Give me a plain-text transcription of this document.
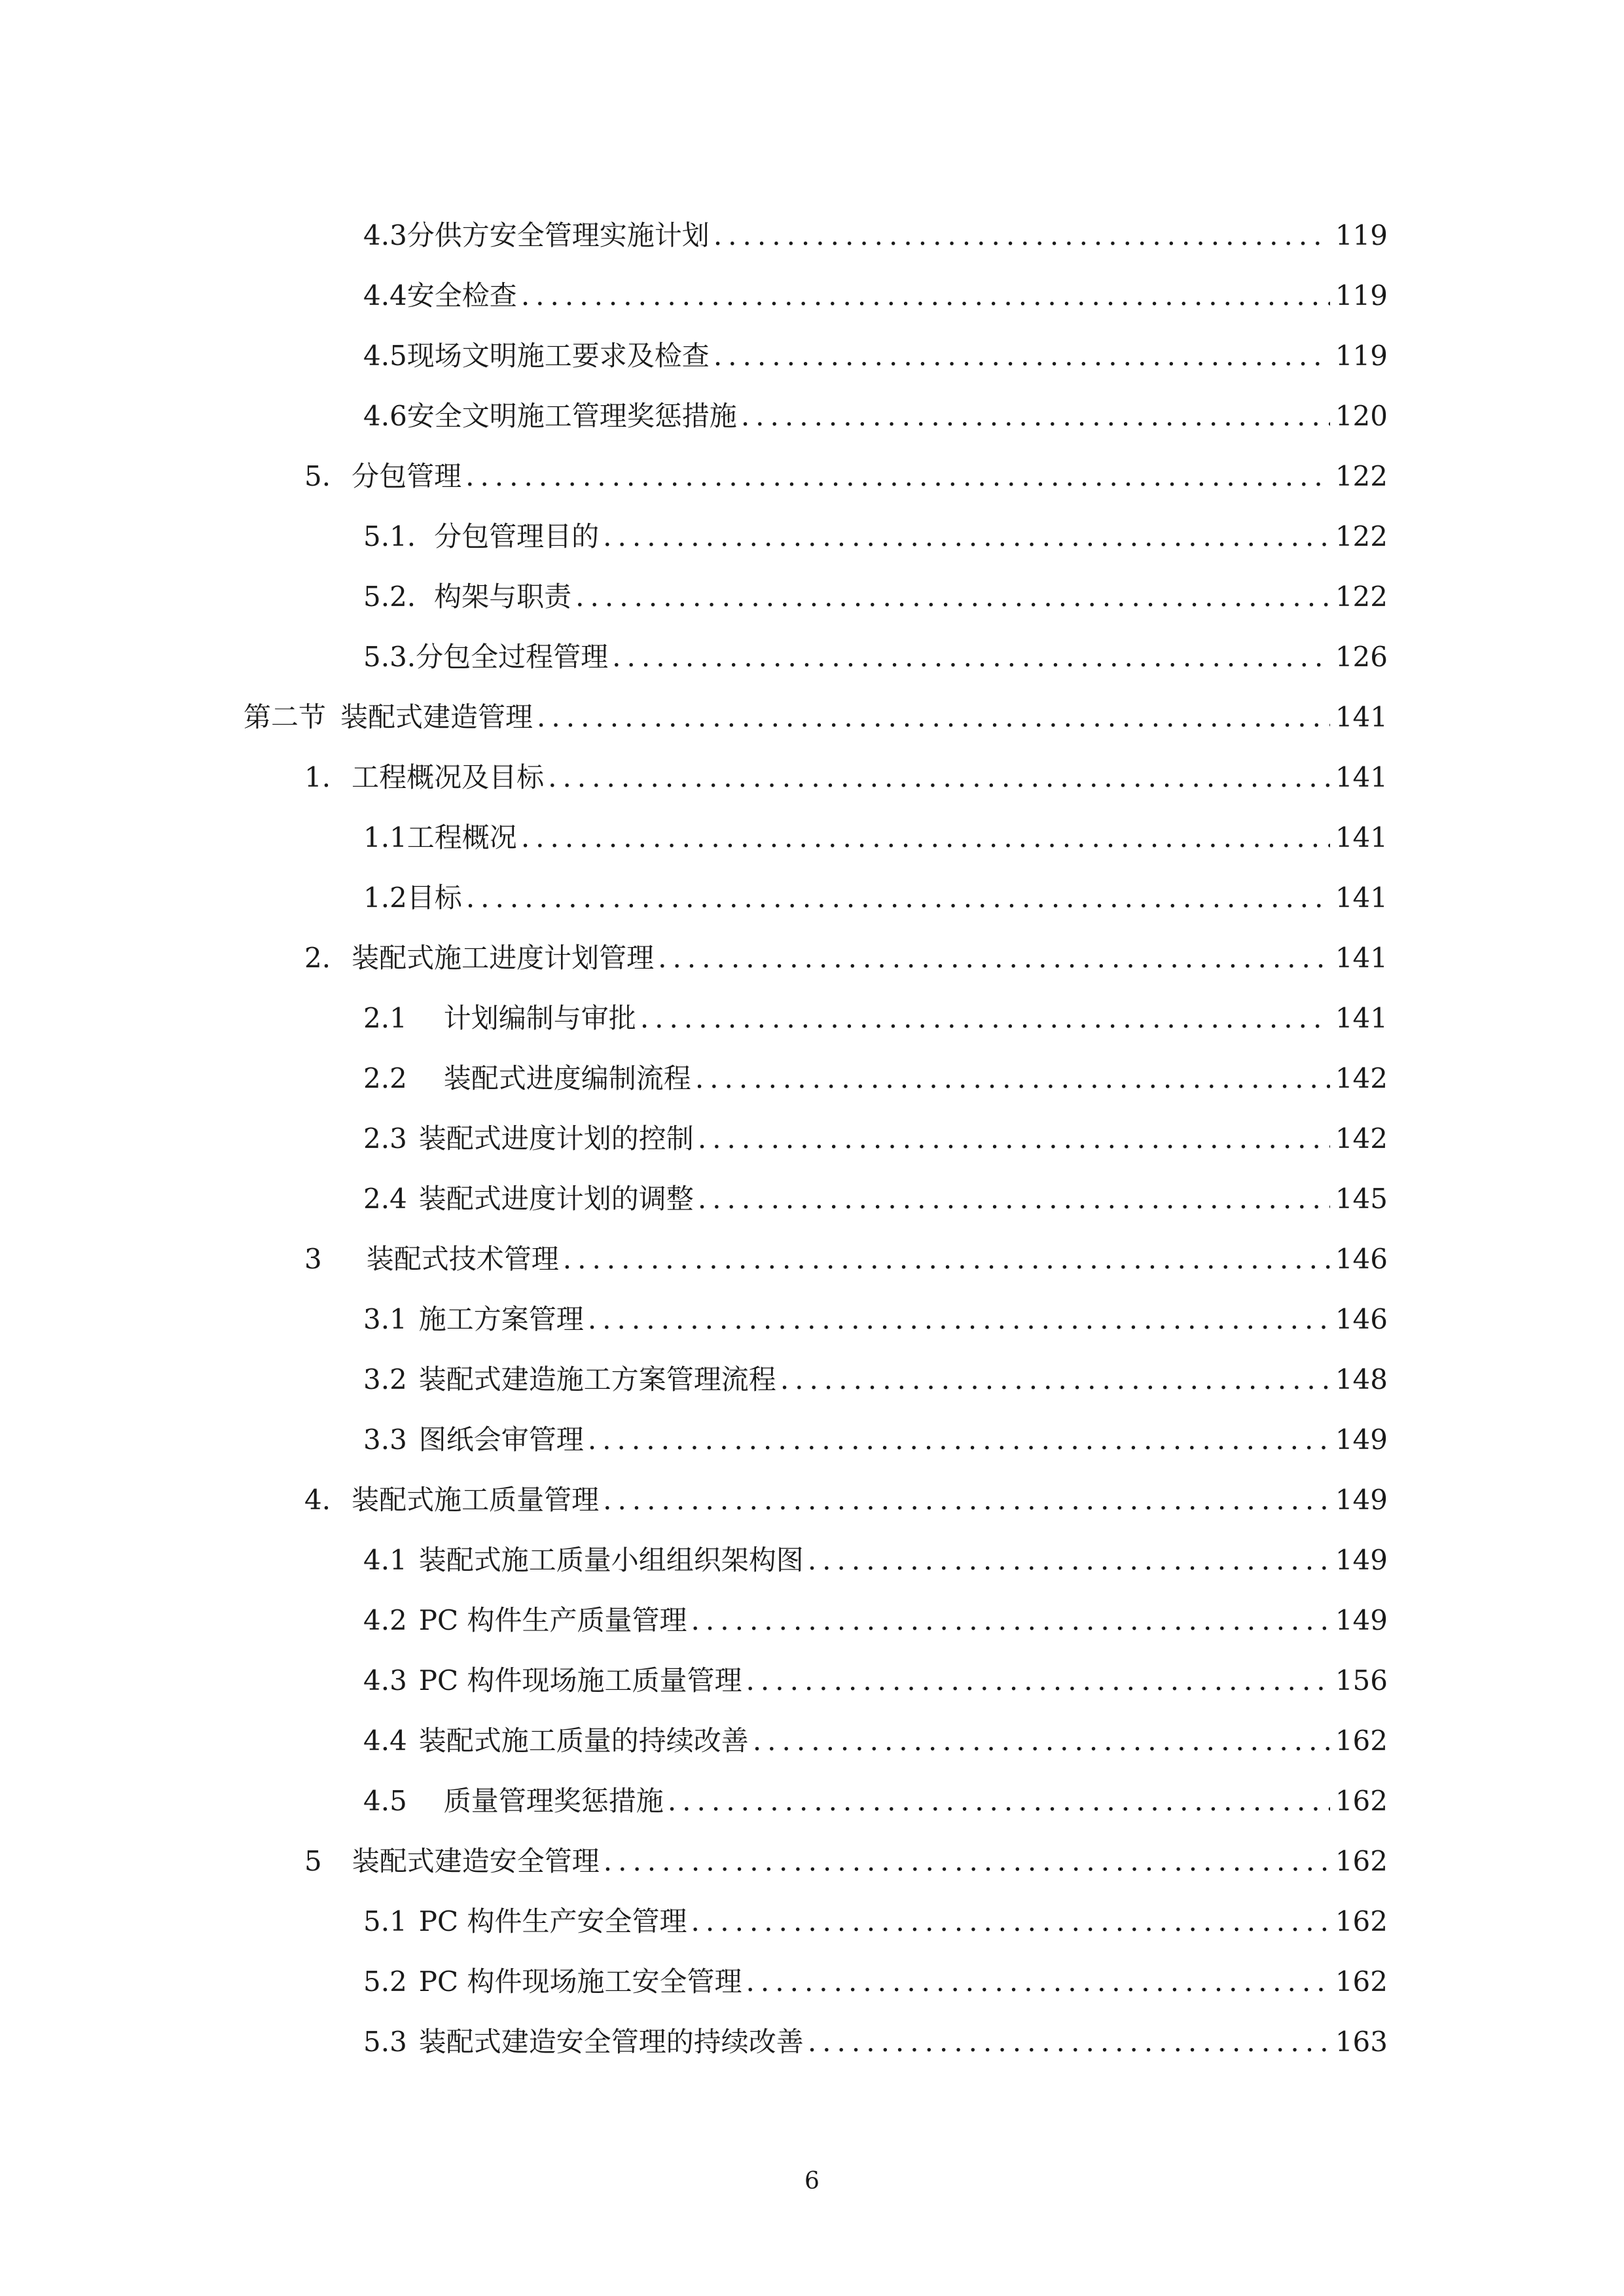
4.3 分供方安全管理实施计划 .....	119
4.4 安全检查 .....	119
4.5 现场文明施工要求及检查 .....	119
4.6 安全文明施工管理奖惩措施 .....	120
5. 分包管理 .....	122
5.1. 分包管理目的 .....	122
5.2. 构架与职责 .....	122
5.3. 分包全过程管理 .....	126
第二节 装配式建造管理 .....	141
1. 工程概况及目标 .....	141
1.1 工程概况 .....	141
1.2 目标 .....	141
2. 装配式施工进度计划管理 .....	141
2.1 计划编制与审批 .....	141
2.2 装配式进度编制流程 .....	142
2.3 装配式进度计划的控制 .....	142
2.4 装配式进度计划的调整 .....	145
3 装配式技术管理 .....	146
3.1 施工方案管理 .....	146
3.2 装配式建造施工方案管理流程 .....	148
3.3 图纸会审管理 .....	149
4. 装配式施工质量管理 .....	149
4.1 装配式施工质量小组组织架构图 .....	149
4.2 PC 构件生产质量管理 .....	149
4.3 PC 构件现场施工质量管理 .....	156
4.4 装配式施工质量的持续改善 .....	162
4.5 质量管理奖惩措施 .....	162
5 装配式建造安全管理 .....	162
5.1 PC 构件生产安全管理 .....	162
5.2 PC 构件现场施工安全管理 .....	162
5.3 装配式建造安全管理的持续改善 .....	163
6
